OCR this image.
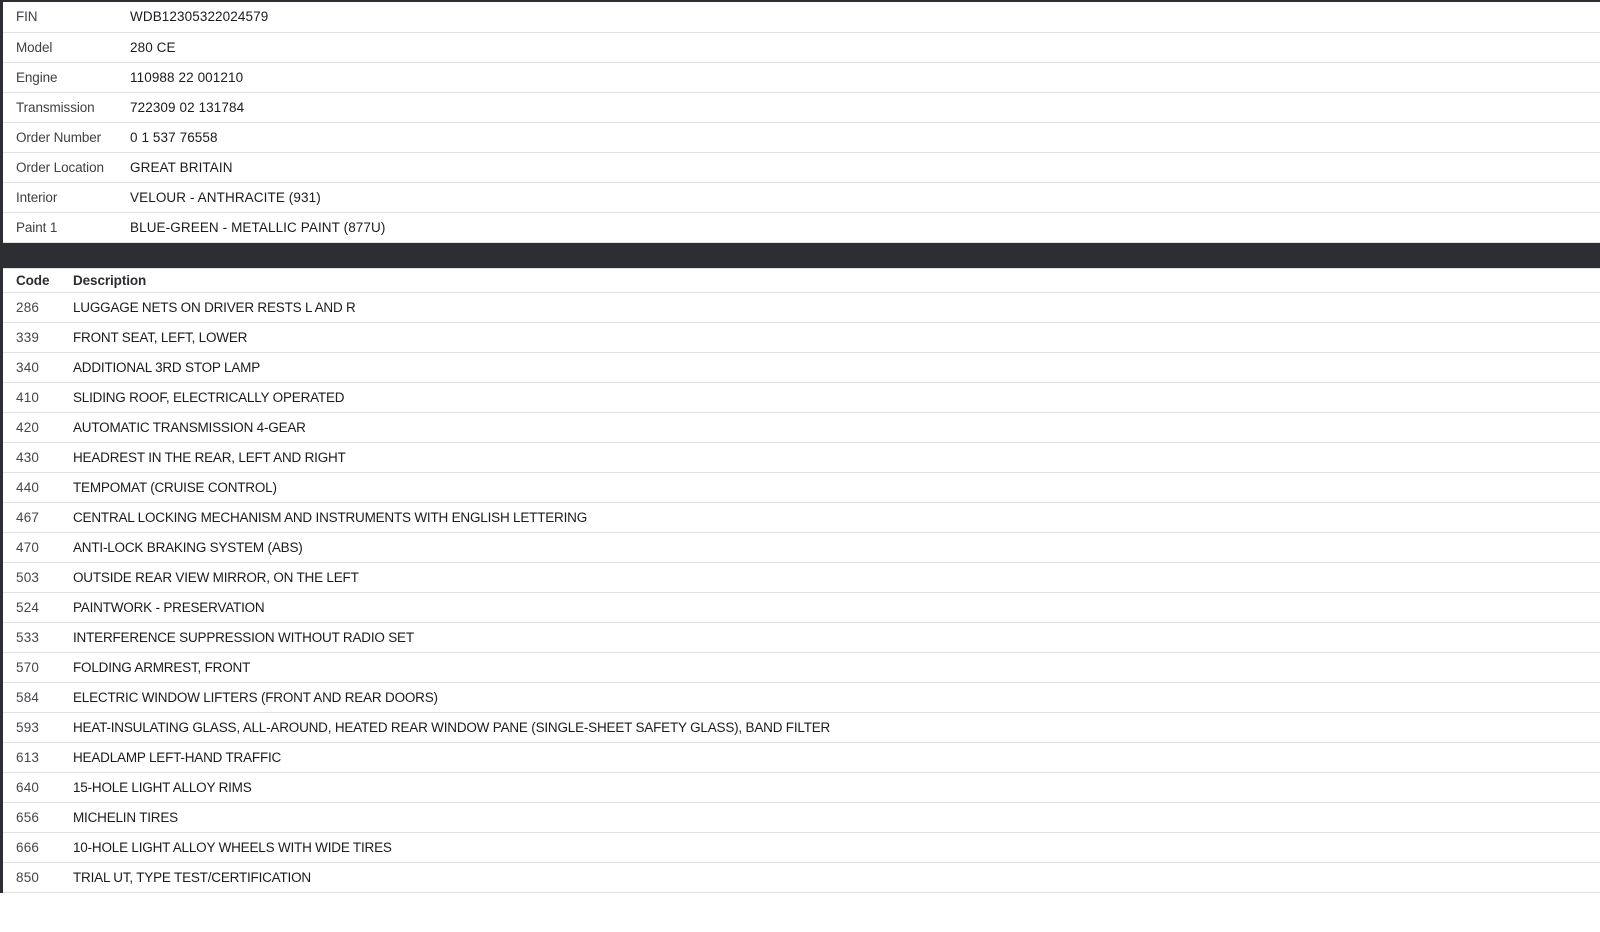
FIN	WDB12305322024579
Model	280 CE
Engine	110988 22 001210
Transmission	722309 02 131784
Order Number	0 1 537 76558
Order Location	GREAT BRITAIN
Interior	VELOUR - ANTHRACITE (931)
Paint 1	BLUE-GREEN - METALLIC PAINT (877U)
Code	Description
286	LUGGAGE NETS ON DRIVER RESTS L AND R
339	FRONT SEAT, LEFT, LOWER
340	ADDITIONAL 3RD STOP LAMP
410	SLIDING ROOF, ELECTRICALLY OPERATED
420	AUTOMATIC TRANSMISSION 4-GEAR
430	HEADREST IN THE REAR, LEFT AND RIGHT
440	TEMPOMAT (CRUISE CONTROL)
467	CENTRAL LOCKING MECHANISM AND INSTRUMENTS WITH ENGLISH LETTERING
470	ANTI-LOCK BRAKING SYSTEM (ABS)
503	OUTSIDE REAR VIEW MIRROR, ON THE LEFT
524	PAINTWORK - PRESERVATION
533	INTERFERENCE SUPPRESSION WITHOUT RADIO SET
570	FOLDING ARMREST, FRONT
584	ELECTRIC WINDOW LIFTERS (FRONT AND REAR DOORS)
593	HEAT-INSULATING GLASS, ALL-AROUND, HEATED REAR WINDOW PANE (SINGLE-SHEET SAFETY GLASS), BAND FILTER
613	HEADLAMP LEFT-HAND TRAFFIC
640	15-HOLE LIGHT ALLOY RIMS
656	MICHELIN TIRES
666	10-HOLE LIGHT ALLOY WHEELS WITH WIDE TIRES
850	TRIAL UT, TYPE TEST/CERTIFICATION
